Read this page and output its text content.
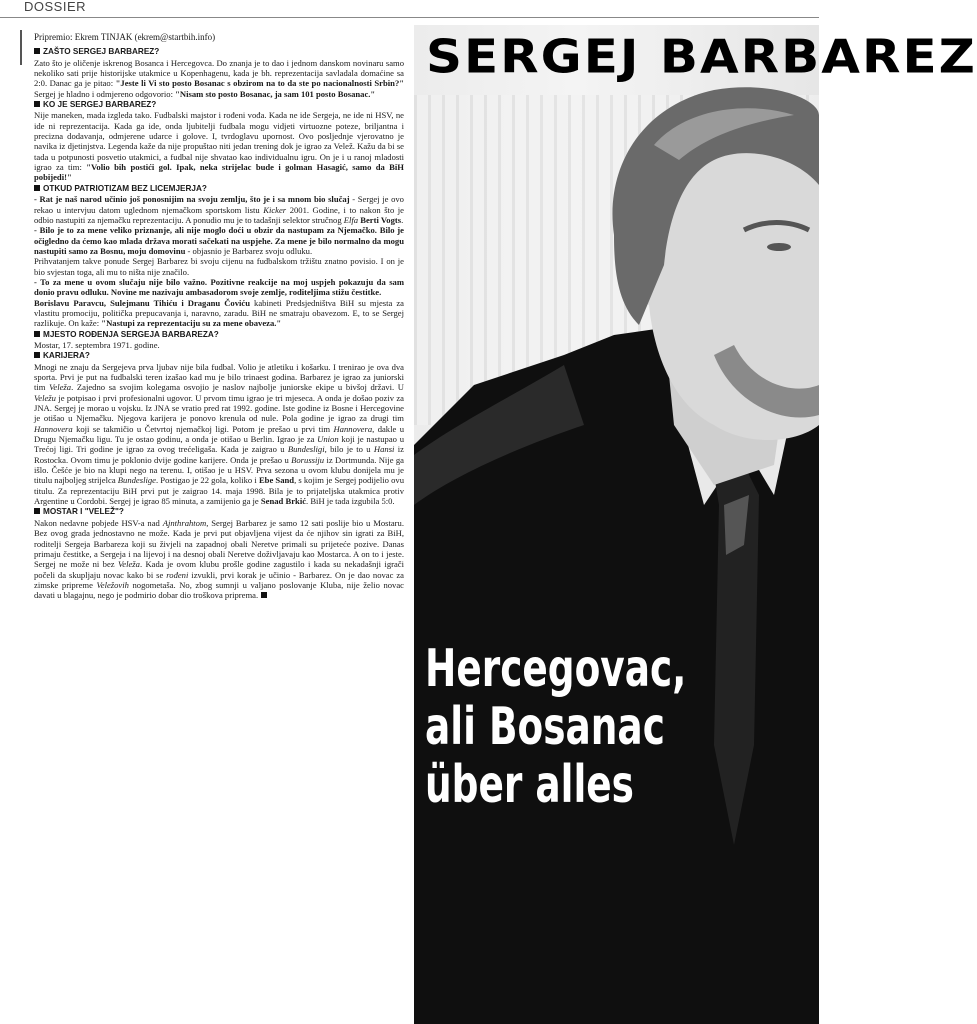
DOSSIER

Pripremio: Ekrem TINJAK (ekrem@startbih.info)

ZAŠTO SERGEJ BARBAREZ?

Zato što je oličenje iskrenog Bosanca i Hercegovca. Do znanja je to dao i jednom danskom novinaru samo nekoliko sati prije historijske utakmice u Kopenhagenu, kada je bh. reprezentacija savladala domaćine sa 2:0. Danac ga je pitao: "Jeste li Vi sto posto Bosanac s obzirom na to da ste po nacionalnosti Srbin?" Sergej je hladno i odmjereno odgovorio: "Nisam sto posto Bosanac, ja sam 101 posto Bosanac."

KO JE SERGEJ BARBAREZ?

Nije maneken, mada izgleda tako. Fudbalski majstor i rođeni vođa. Kada ne ide Sergeja, ne ide ni HSV, ne ide ni reprezentacija. Kada ga ide, onda ljubitelji fudbala mogu vidjeti virtuozne poteze, briljantna i precizna dodavanja, odmjerene udarce i golove. I, tvrdoglavu upornost. Ovo posljednje vjerovatno je navika iz djetinjstva. Legenda kaže da nije propuštao niti jedan trening dok je igrao za Velež. Kažu da bi se tada u potpunosti posvetio utakmici, a fudbal nije shvatao kao individualnu igru. On je i u ranoj mladosti igrao za tim: "Volio bih postići gol. Ipak, neka strijelac bude i golman Hasagić, samo da BiH pobijedi!"

OTKUD PATRIOTIZAM BEZ LICEMJERJA?

- Rat je naš narod učinio još ponosnijim na svoju zemlju, što je i sa mnom bio slučaj - Sergej je ovo rekao u intervjuu datom uglednom njemačkom sportskom listu Kicker 2001. Godine, i to nakon što je odbio nastupiti za njemačku reprezentaciju. A ponudio mu je to tadašnji selektor stručnog Elfa Berti Vogts.

- Bilo je to za mene veliko priznanje, ali nije moglo doći u obzir da nastupam za Njemačko. Bilo je očigledno da ćemo kao mlada država morati sačekati na uspjehe. Za mene je bilo normalno da mogu nastupiti samo za Bosnu, moju domovinu - objasnio je Barbarez svoju odluku.

Prihvatanjem takve ponude Sergej Barbarez bi svoju cijenu na fudbalskom tržištu znatno povisio. I on je bio svjestan toga, ali mu to ništa nije značilo.

- To za mene u ovom slučaju nije bilo važno. Pozitivne reakcije na moj uspjeh pokazuju da sam donio pravu odluku. Novine me nazivaju ambasadorom svoje zemlje, roditeljima stižu čestitke.

Borislavu Paravcu, Sulejmanu Tihiću i Draganu Čoviću kabineti Predsjedništva BiH su mjesta za vlastitu promociju, politička prepucavanja i, naravno, zaradu. BiH ne smatraju obavezom. E, to se Sergej razlikuje. On kaže: "Nastupi za reprezentaciju su za mene obaveza."

MJESTO ROĐENJA SERGEJA BARBAREZA?

Mostar, 17. septembra 1971. godine.

KARIJERA?

Mnogi ne znaju da Sergejeva prva ljubav nije bila fudbal. Volio je atletiku i košarku. I trenirao je ova dva sporta. Prvi je put na fudbalski teren izašao kad mu je bilo trinaest godina. Barbarez je igrao za juniorski tim Veleža. Zajedno sa svojim kolegama osvojio je naslov najbolje juniorske ekipe u bivšoj državi. U Veležu je potpisao i prvi profesionalni ugovor. U prvom timu igrao je tri mjeseca. A onda je došao poziv za JNA. Sergej je morao u vojsku. Iz JNA se vratio pred rat 1992. godine. Iste godine iz Bosne i Hercegovine je otišao u Njemačku. Njegova karijera je ponovo krenula od nule. Pola godine je igrao za drugi tim Hannovera koji se takmičio u Četvrtoj njemačkoj ligi. Potom je prešao u prvi tim Hannovera, dakle u Drugu Njemačku ligu. Tu je ostao godinu, a onda je otišao u Berlin. Igrao je za Union koji je nastupao u Trećoj ligi. Tri godine je igrao za ovog trećeligaša. Kada je zaigrao u Bundesligi, bilo je to u Hansi iz Rostocka. Ovom timu je poklonio dvije godine karijere. Onda je prešao u Borussiju iz Dortmunda. Nije ga išlo. Češće je bio na klupi nego na terenu. I, otišao je u HSV. Prva sezona u ovom klubu donijela mu je titulu najboljeg strijelca Bundeslige. Postigao je 22 gola, koliko i Ebe Sand, s kojim je Sergej podijelio ovu titulu. Za reprezentaciju BiH prvi put je zaigrao 14. maja 1998. Bila je to prijateljska utakmica protiv Argentine u Cordobi. Sergej je igrao 85 minuta, a zamijenio ga je Senad Brkić. BiH je tada izgubila 5:0.

MOSTAR I "VELEŽ"?

Nakon nedavne pobjede HSV-a nad Ajnthrahtom, Sergej Barbarez je samo 12 sati poslije bio u Mostaru. Bez ovog grada jednostavno ne može. Kada je prvi put objavljena vijest da će njihov sin igrati za BiH, roditelji Sergeja Barbareza koji su živjeli na zapadnoj obali Neretve primali su prijeteće pozive. Danas primaju čestitke, a Sergeja i na lijevoj i na desnoj obali Neretve doživljavaju kao Mostarca. A on to i jeste. Sergej ne može ni bez Veleža. Kada je ovom klubu prošle godine zagustilo i kada su nekadašnji igrači počeli da skupljaju novac kako bi se rođeni izvukli, prvi korak je učinio - Barbarez. On je dao novac za zimske pripreme Veležovih nogometaša. No, zbog sumnji u valjano poslovanje Kluba, nije želio novac davati u blagajnu, nego je podmirio dobar dio troškova priprema.

SERGEJ BARBAREZ
Hercegovac,
ali Bosanac
über alles
